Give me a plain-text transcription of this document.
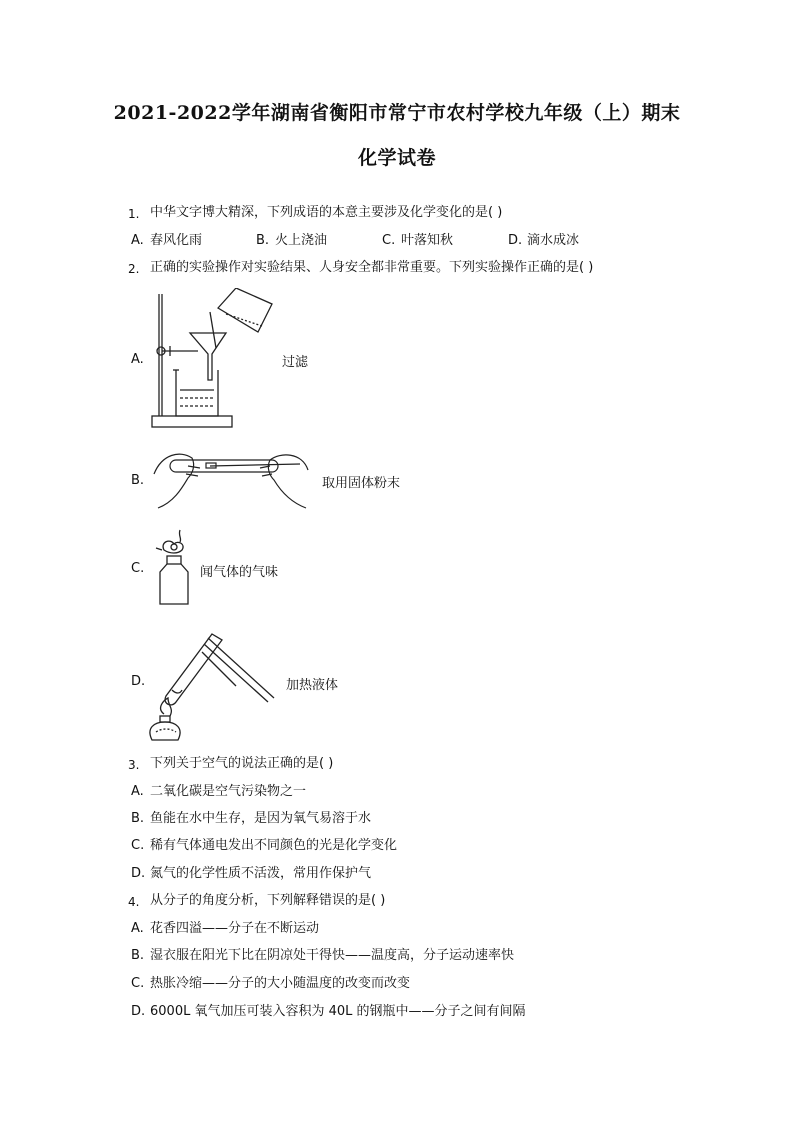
2021-2022学年湖南省衡阳市常宁市农村学校九年级（上）期末
化学试卷
1. 中华文字博大精深，下列成语的本意主要涉及化学变化的是( )
A. 春风化雨	B. 火上浇油	C. 叶落知秋	D. 滴水成冰
2. 正确的实验操作对实验结果、人身安全都非常重要。下列实验操作正确的是( )
A.	过滤
B.	取用固体粉末
C.	闻气体的气味
D.	加热液体
3. 下列关于空气的说法正确的是( )
A. 二氧化碳是空气污染物之一
B. 鱼能在水中生存，是因为氧气易溶于水
C. 稀有气体通电发出不同颜色的光是化学变化
D. 氮气的化学性质不活泼，常用作保护气
4. 从分子的角度分析，下列解释错误的是( )
A. 花香四溢——分子在不断运动
B. 湿衣服在阳光下比在阴凉处干得快——温度高，分子运动速率快
C. 热胀冷缩——分子的大小随温度的改变而改变
D. 6000L 氧气加压可装入容积为 40L 的钢瓶中——分子之间有间隔
